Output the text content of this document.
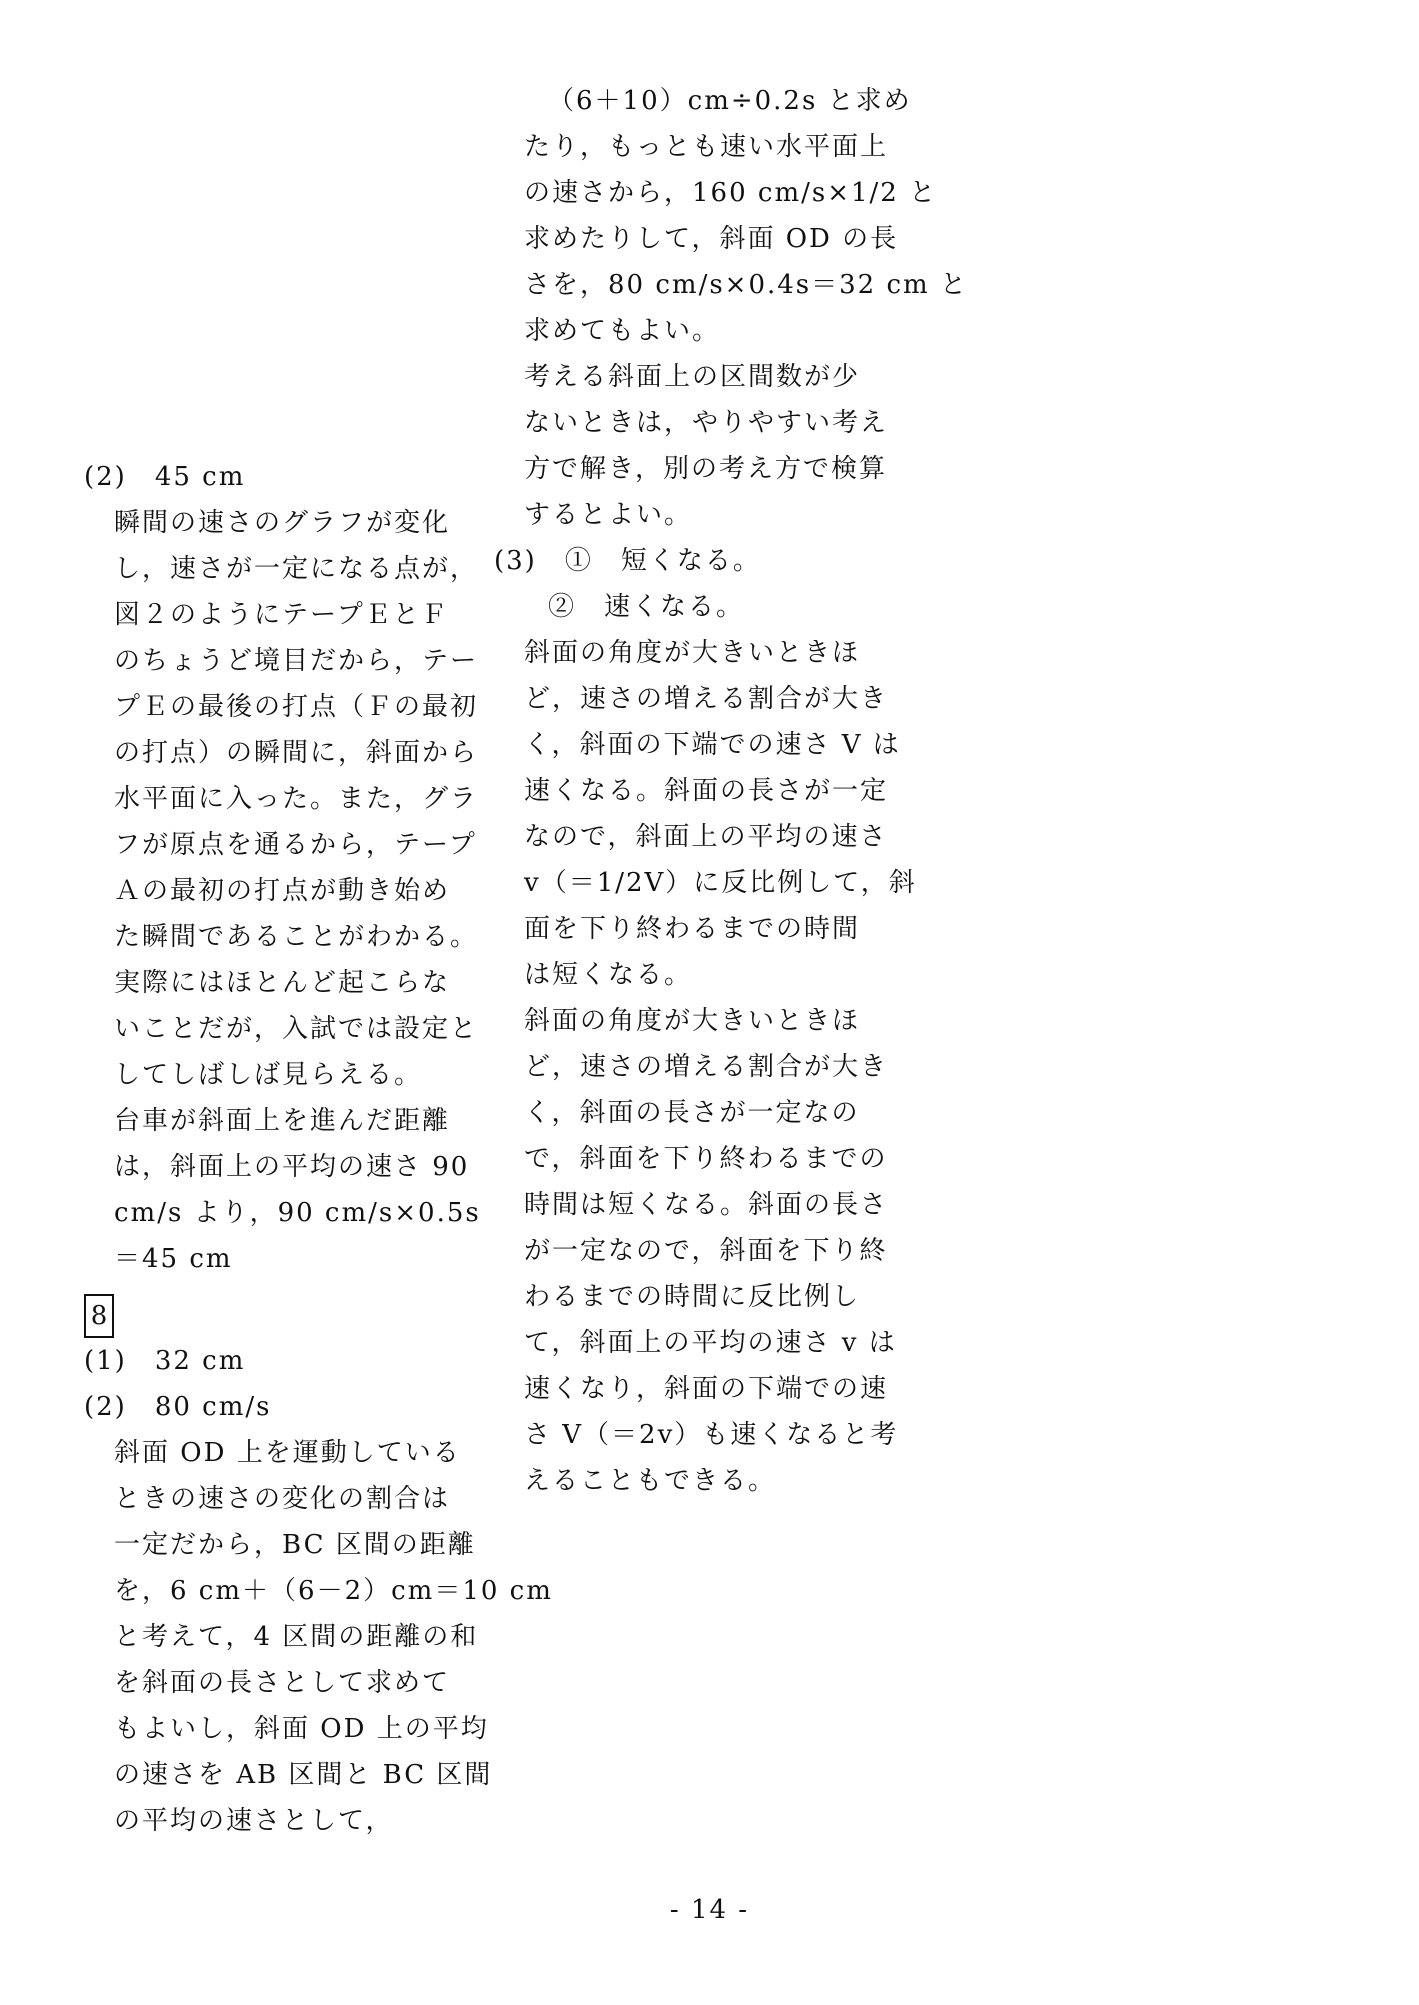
(2)　45 cm
瞬間の速さのグラフが変化
し，速さが一定になる点が，
図２のようにテープＥとＦ
のちょうど境目だから，テー
プＥの最後の打点（Ｆの最初
の打点）の瞬間に，斜面から
水平面に入った。また，グラ
フが原点を通るから，テープ
Ａの最初の打点が動き始め
た瞬間であることがわかる。
実際にはほとんど起こらな
いことだが，入試では設定と
してしばしば見らえる。
台車が斜面上を進んだ距離
は，斜面上の平均の速さ 90
cm/s より，90 cm/s×0.5s
＝45 cm
8
(1)　32 cm
(2)　80 cm/s
斜面 OD 上を運動している
ときの速さの変化の割合は
一定だから，BC 区間の距離
を，6 cm＋（6－2）cm＝10 cm
と考えて，4 区間の距離の和
を斜面の長さとして求めて
もよいし，斜面 OD 上の平均
の速さを AB 区間と BC 区間
の平均の速さとして，
（6＋10）cm÷0.2s と求め
たり，もっとも速い水平面上
の速さから，160 cm/s×1/2 と
求めたりして，斜面 OD の長
さを，80 cm/s×0.4s＝32 cm と
求めてもよい。
考える斜面上の区間数が少
ないときは，やりやすい考え
方で解き，別の考え方で検算
するとよい。
(3)　①　短くなる。
②　速くなる。
斜面の角度が大きいときほ
ど，速さの増える割合が大き
く，斜面の下端での速さ V は
速くなる。斜面の長さが一定
なので，斜面上の平均の速さ
v（＝1/2V）に反比例して，斜
面を下り終わるまでの時間
は短くなる。
斜面の角度が大きいときほ
ど，速さの増える割合が大き
く，斜面の長さが一定なの
で，斜面を下り終わるまでの
時間は短くなる。斜面の長さ
が一定なので，斜面を下り終
わるまでの時間に反比例し
て，斜面上の平均の速さ v は
速くなり，斜面の下端での速
さ V（＝2v）も速くなると考
えることもできる。
- 14 -
